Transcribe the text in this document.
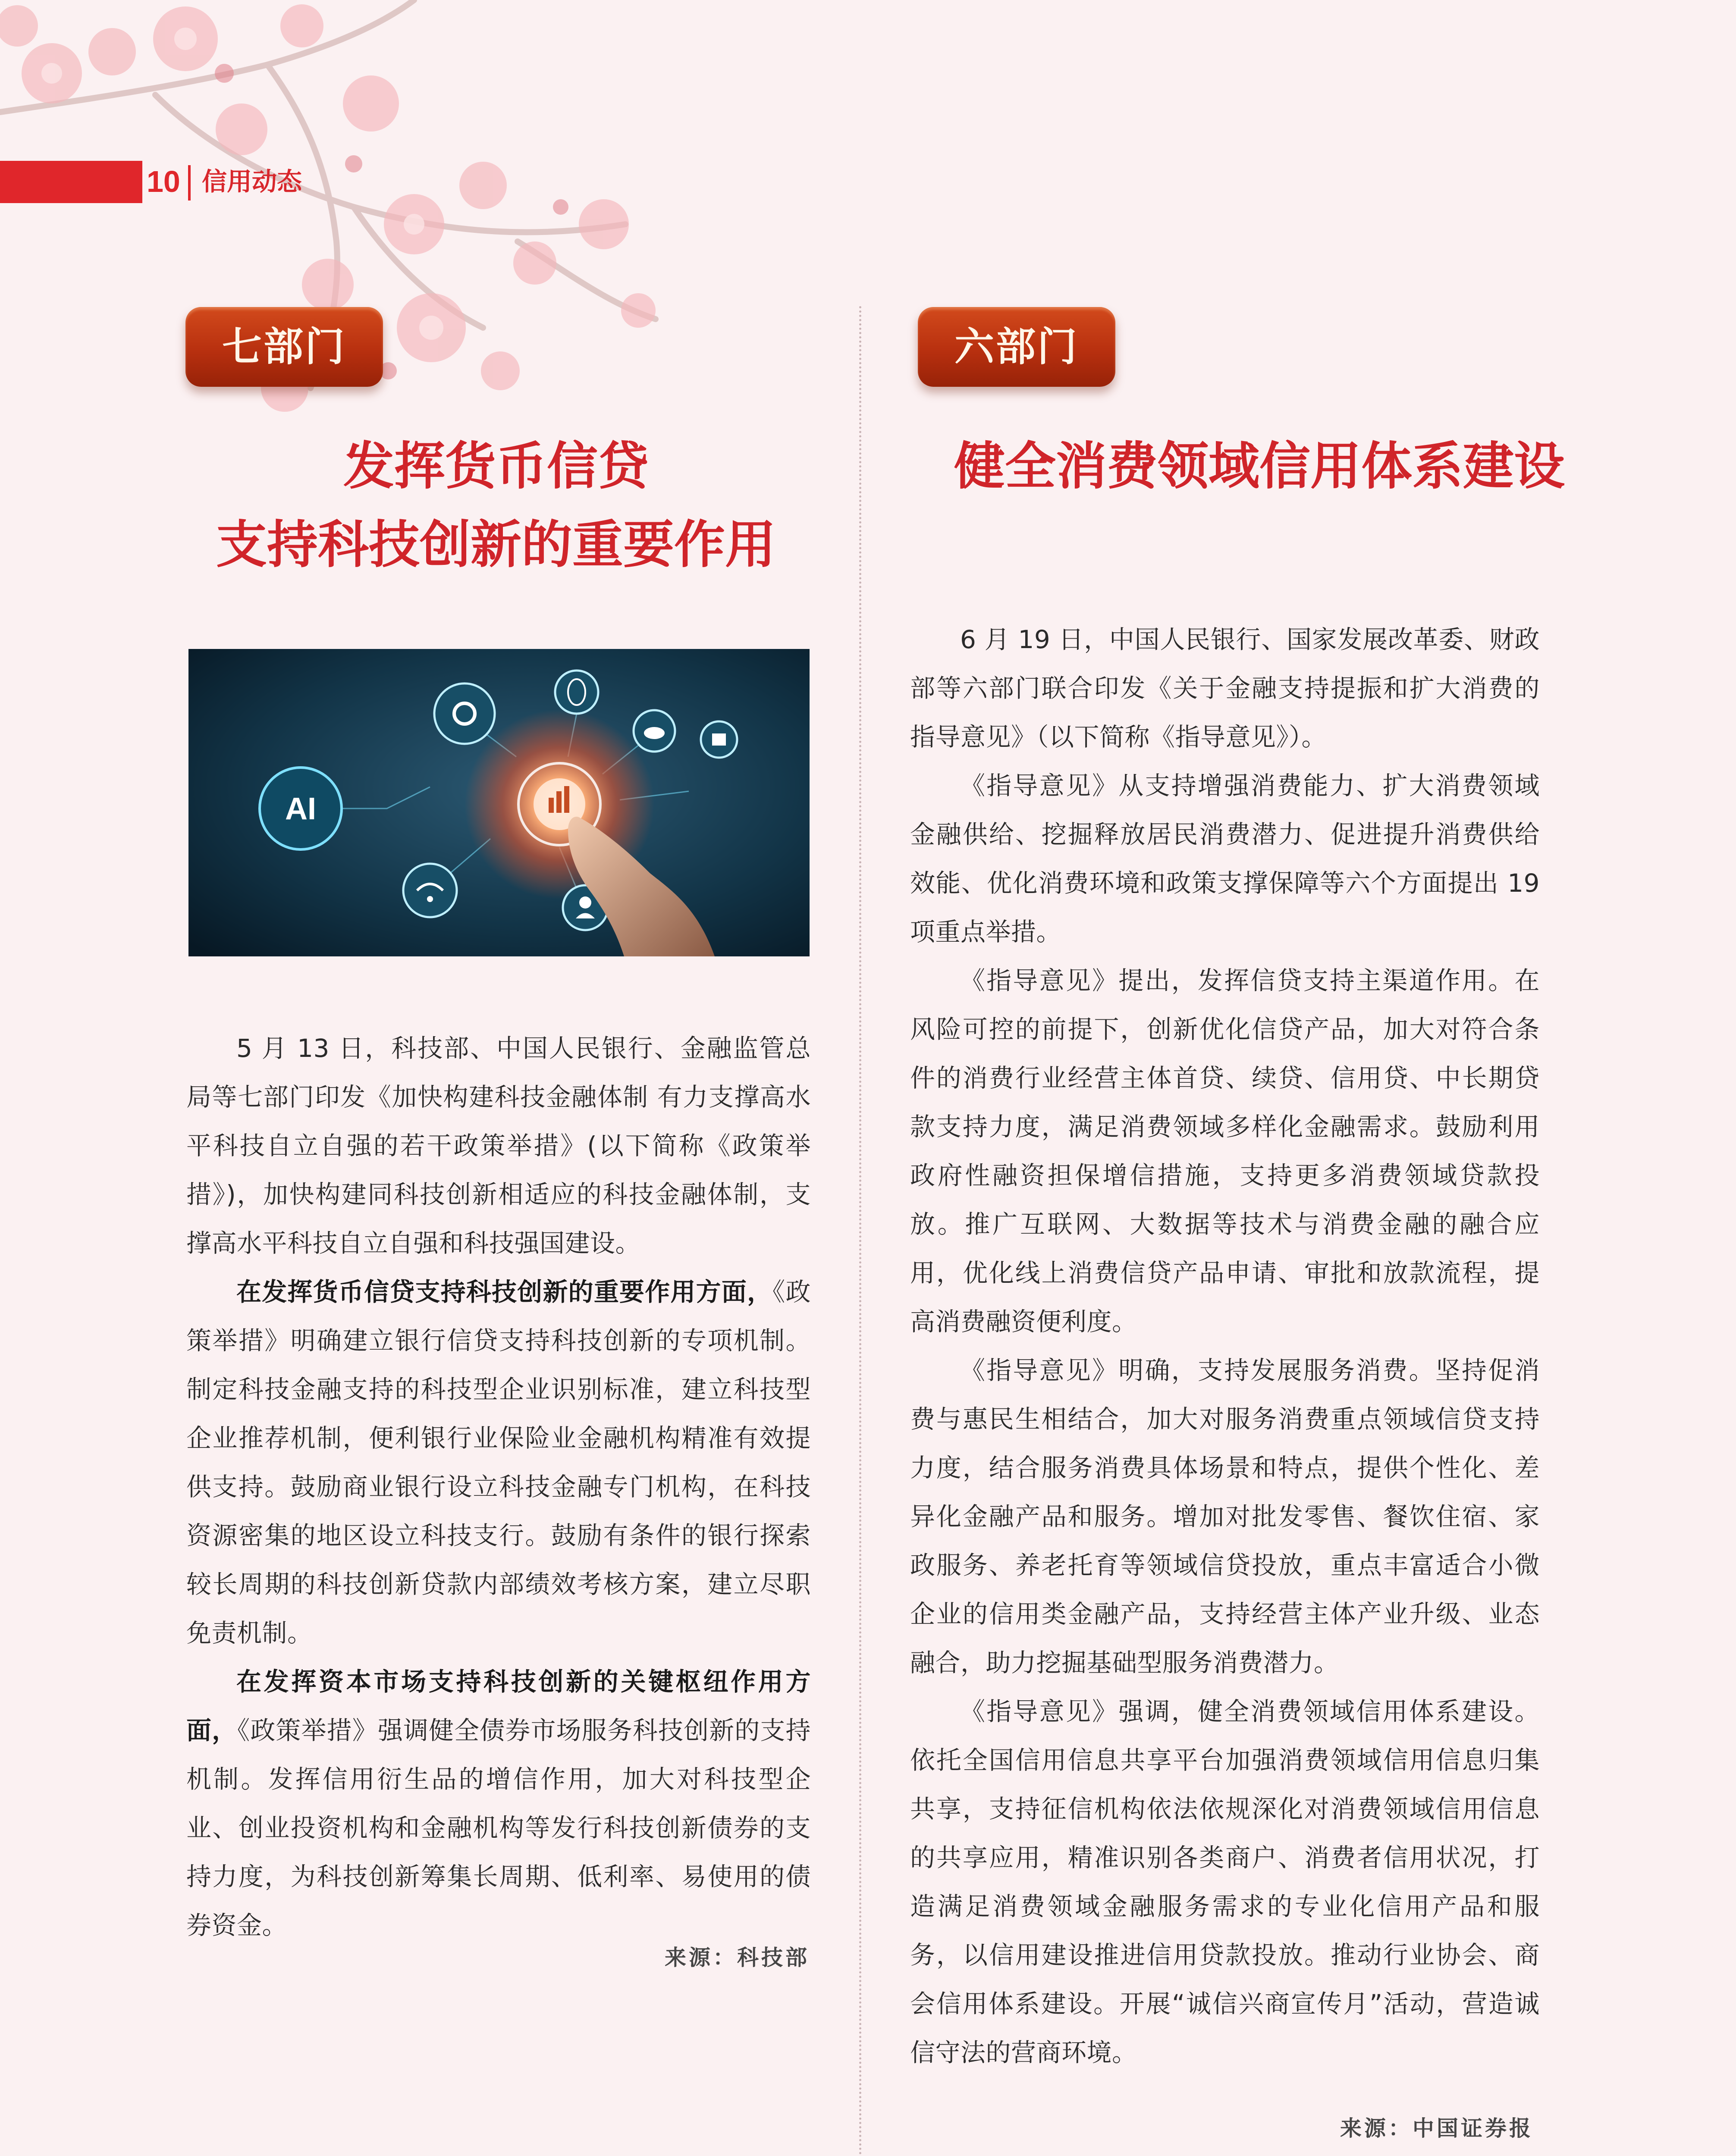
10 信用动态
七部门
发挥货币信贷
支持科技创新的重要作用
AI

5 月 13 日，科技部、中国人民银行、金融监管总局等七部门印发《加快构建科技金融体制 有力支撑高水平科技自立自强的若干政策举措》(以下简称《政策举措》)，加快构建同科技创新相适应的科技金融体制，支撑高水平科技自立自强和科技强国建设。

在发挥货币信贷支持科技创新的重要作用方面，《政策举措》明确建立银行信贷支持科技创新的专项机制。制定科技金融支持的科技型企业识别标准，建立科技型企业推荐机制，便利银行业保险业金融机构精准有效提供支持。鼓励商业银行设立科技金融专门机构，在科技资源密集的地区设立科技支行。鼓励有条件的银行探索较长周期的科技创新贷款内部绩效考核方案，建立尽职免责机制。

在发挥资本市场支持科技创新的关键枢纽作用方面，《政策举措》强调健全债券市场服务科技创新的支持机制。发挥信用衍生品的增信作用，加大对科技型企业、创业投资机构和金融机构等发行科技创新债券的支持力度，为科技创新筹集长周期、低利率、易使用的债券资金。

来源：科技部
六部门
健全消费领域信用体系建设

6 月 19 日，中国人民银行、国家发展改革委、财政部等六部门联合印发《关于金融支持提振和扩大消费的指导意见》（以下简称《指导意见》）。

《指导意见》从支持增强消费能力、扩大消费领域金融供给、挖掘释放居民消费潜力、促进提升消费供给效能、优化消费环境和政策支撑保障等六个方面提出 19 项重点举措。

《指导意见》提出，发挥信贷支持主渠道作用。在风险可控的前提下，创新优化信贷产品，加大对符合条件的消费行业经营主体首贷、续贷、信用贷、中长期贷款支持力度，满足消费领域多样化金融需求。鼓励利用政府性融资担保增信措施，支持更多消费领域贷款投放。推广互联网、大数据等技术与消费金融的融合应用，优化线上消费信贷产品申请、审批和放款流程，提高消费融资便利度。

《指导意见》明确，支持发展服务消费。坚持促消费与惠民生相结合，加大对服务消费重点领域信贷支持力度，结合服务消费具体场景和特点，提供个性化、差异化金融产品和服务。增加对批发零售、餐饮住宿、家政服务、养老托育等领域信贷投放，重点丰富适合小微企业的信用类金融产品，支持经营主体产业升级、业态融合，助力挖掘基础型服务消费潜力。

《指导意见》强调，健全消费领域信用体系建设。依托全国信用信息共享平台加强消费领域信用信息归集共享，支持征信机构依法依规深化对消费领域信用信息的共享应用，精准识别各类商户、消费者信用状况，打造满足消费领域金融服务需求的专业化信用产品和服务，以信用建设推进信用贷款投放。推动行业协会、商会信用体系建设。开展“诚信兴商宣传月”活动，营造诚信守法的营商环境。

来源：中国证券报
